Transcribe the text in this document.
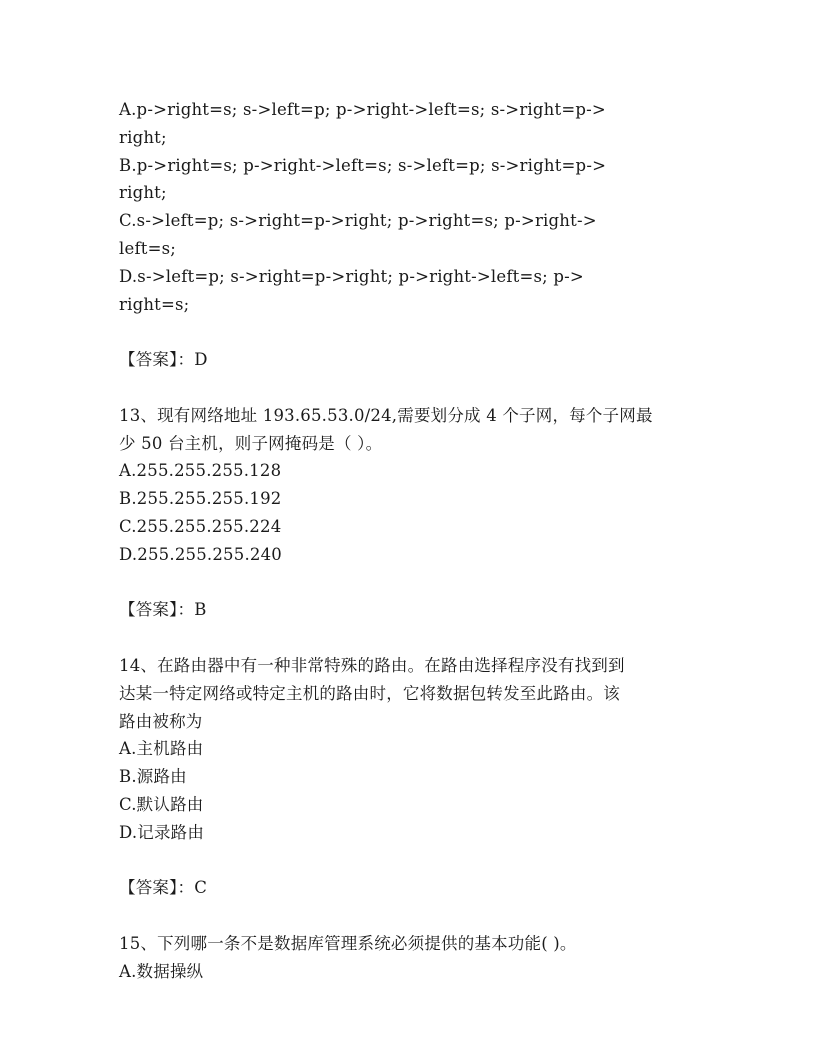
A.p->right=s; s->left=p; p->right->left=s; s->right=p->
right;
B.p->right=s; p->right->left=s; s->left=p; s->right=p->
right;
C.s->left=p; s->right=p->right; p->right=s; p->right->
left=s;
D.s->left=p; s->right=p->right; p->right->left=s; p->
right=s;
【答案】：D
13、现有网络地址 193.65.53.0/24,需要划分成 4 个子网，每个子网最
少 50 台主机，则子网掩码是（ ）。
A.255.255.255.128
B.255.255.255.192
C.255.255.255.224
D.255.255.255.240
【答案】：B
14、在路由器中有一种非常特殊的路由。在路由选择程序没有找到到
达某一特定网络或特定主机的路由时，它将数据包转发至此路由。该
路由被称为
A.主机路由
B.源路由
C.默认路由
D.记录路由
【答案】：C
15、下列哪一条不是数据库管理系统必须提供的基本功能( )。
A.数据操纵
